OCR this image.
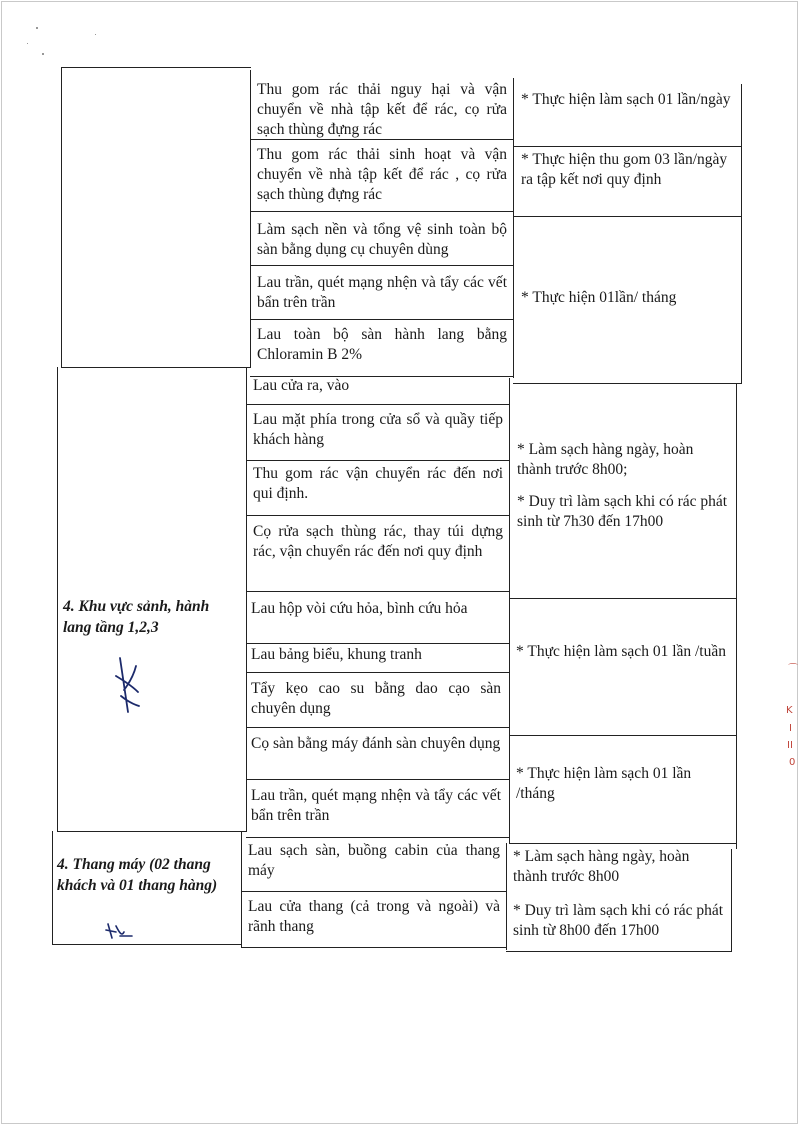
⌒
K
I
II
0
4. Khu vực sảnh, hành lang tầng 1,2,3
4. Thang máy (02 thang khách và 01 thang hàng)
Thu gom rác thải nguy hại và vận chuyển về nhà tập kết để rác, cọ rửa sạch thùng đựng rác
Thu gom rác thải sinh hoạt và vận chuyển về nhà tập kết để rác , cọ rửa sạch thùng đựng rác
Làm sạch nền và tổng vệ sinh toàn bộ sàn bằng dụng cụ chuyên dùng
Lau trần, quét mạng nhện và tẩy các vết bẩn trên trần
Lau toàn bộ sàn hành lang bằng Chloramin B 2%
Lau cửa ra, vào
Lau mặt phía trong cửa sổ và quầy tiếp khách hàng
Thu gom rác vận chuyển rác đến nơi qui định.
Cọ rửa sạch thùng rác, thay túi dựng rác, vận chuyển rác đến nơi quy định
Lau hộp vòi cứu hỏa, bình cứu hỏa
Lau bảng biểu, khung tranh
Tẩy kẹo cao su bằng dao cạo sàn chuyên dụng
Cọ sàn bằng máy đánh sàn chuyên dụng
Lau trần, quét mạng nhện và tẩy các vết bẩn trên trần
Lau sạch sàn, buồng cabin của thang máy
Lau cửa thang (cả trong và ngoài) và rãnh thang
* Thực hiện làm sạch 01 lần/ngày
* Thực hiện thu gom 03 lần/ngày ra tập kết nơi quy định
* Thực hiện 01lần/ tháng
* Làm sạch hàng ngày, hoàn thành trước 8h00;
* Duy trì làm sạch khi có rác phát sinh từ 7h30 đến 17h00
* Thực hiện làm sạch 01 lần /tuần
* Thực hiện làm sạch 01 lần /tháng
* Làm sạch hàng ngày, hoàn thành trước 8h00
* Duy trì làm sạch khi có rác phát sinh từ 8h00 đến 17h00
